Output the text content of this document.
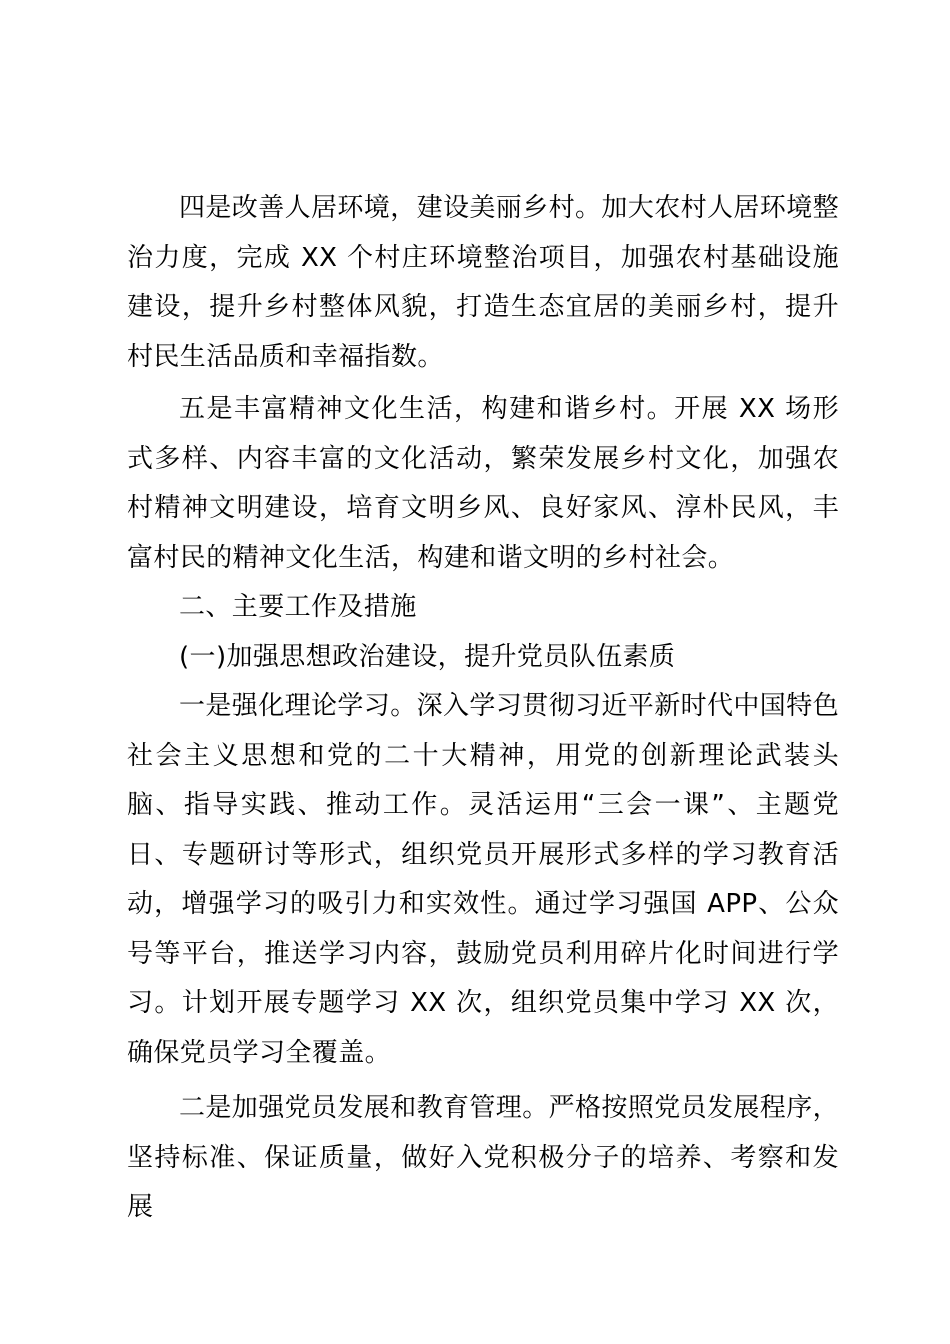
四是改善人居环境，建设美丽乡村。加大农村人居环境整治力度，完成 XX 个村庄环境整治项目，加强农村基础设施建设，提升乡村整体风貌，打造生态宜居的美丽乡村，提升村民生活品质和幸福指数。

五是丰富精神文化生活，构建和谐乡村。开展 XX 场形式多样、内容丰富的文化活动，繁荣发展乡村文化，加强农村精神文明建设，培育文明乡风、良好家风、淳朴民风，丰富村民的精神文化生活，构建和谐文明的乡村社会。

二、主要工作及措施

(一)加强思想政治建设，提升党员队伍素质

一是强化理论学习。深入学习贯彻习近平新时代中国特色社会主义思想和党的二十大精神，用党的创新理论武装头脑、指导实践、推动工作。灵活运用“三会一课”、主题党日、专题研讨等形式，组织党员开展形式多样的学习教育活动，增强学习的吸引力和实效性。通过学习强国 APP、公众号等平台，推送学习内容，鼓励党员利用碎片化时间进行学习。计划开展专题学习 XX 次，组织党员集中学习 XX 次，确保党员学习全覆盖。

二是加强党员发展和教育管理。严格按照党员发展程序，坚持标准、保证质量，做好入党积极分子的培养、考察和发展
